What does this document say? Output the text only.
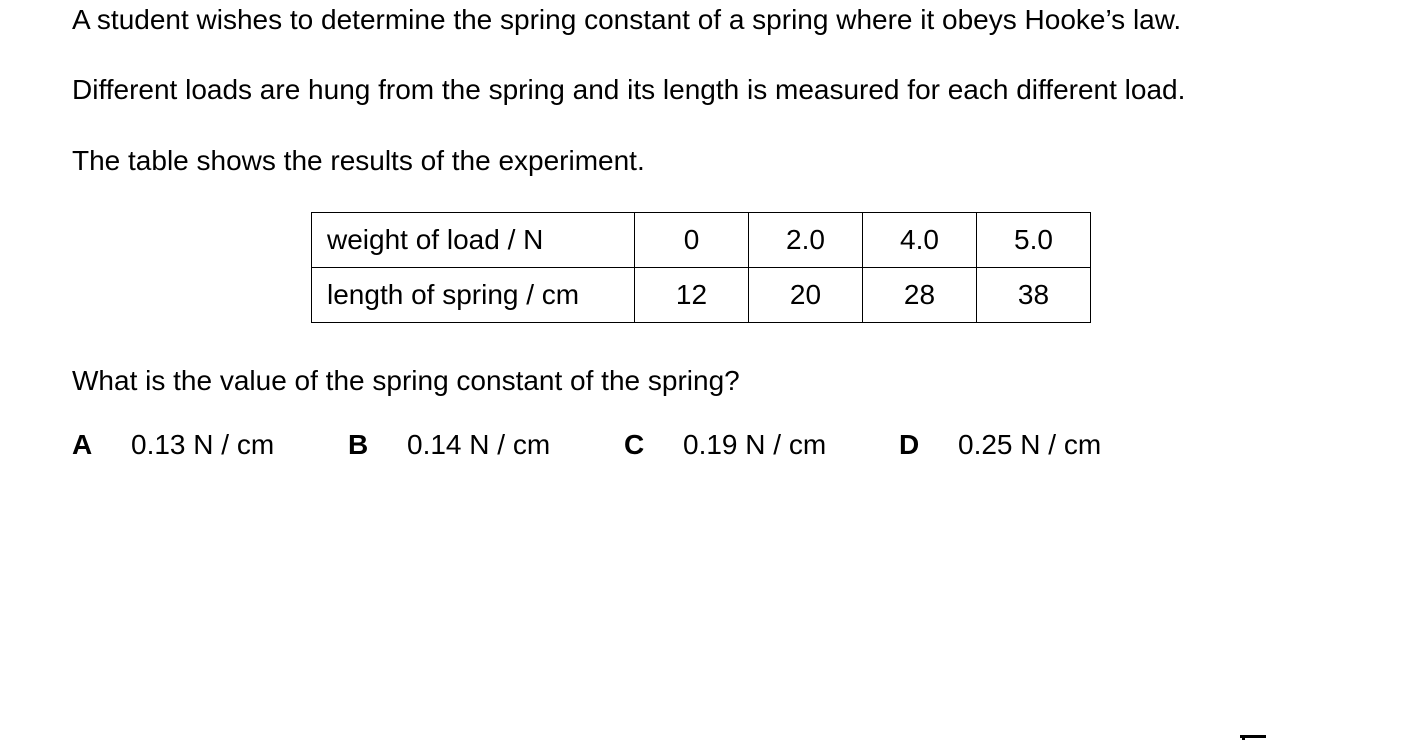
A student wishes to determine the spring constant of a spring where it obeys Hooke’s law.

Different loads are hung from the spring and its length is measured for each different load.

The table shows the results of the experiment.

weight of load / N	0	2.0	4.0	5.0
length of spring / cm	12	20	28	38

What is the value of the spring constant of the spring?

A 0.13 N / cm	B 0.14 N / cm	C 0.19 N / cm	D 0.25 N / cm
